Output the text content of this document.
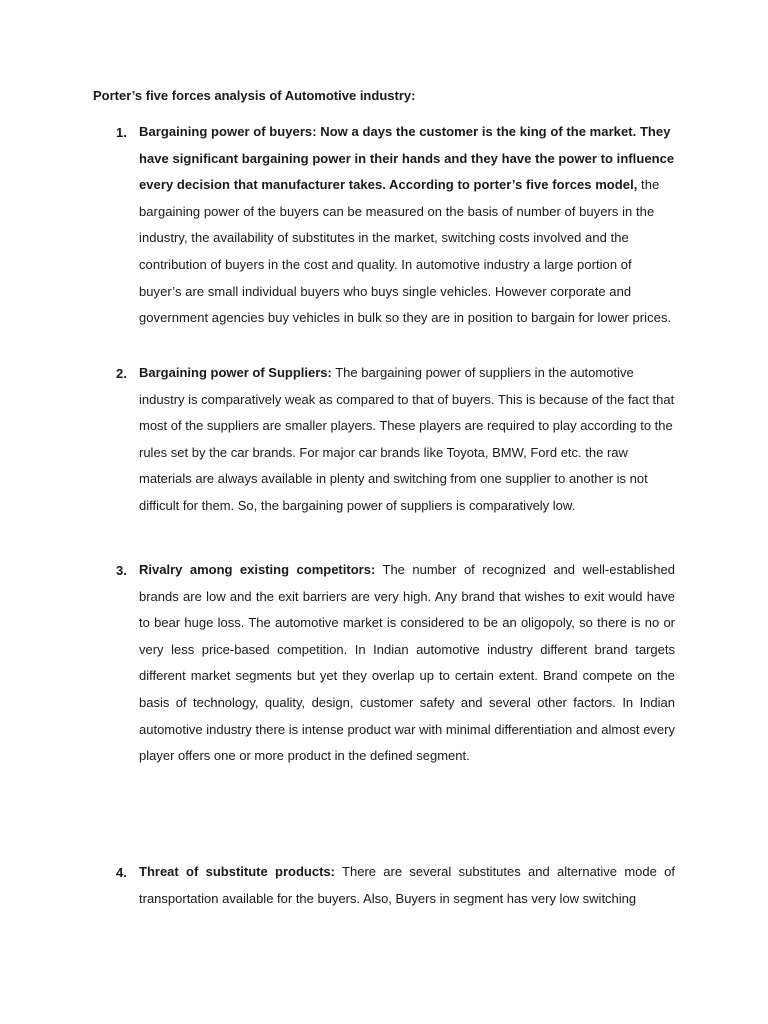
Porter’s five forces analysis of Automotive industry:
1. Bargaining power of buyers: Now a days the customer is the king of the market. They have significant bargaining power in their hands and they have the power to influence every decision that manufacturer takes. According to porter’s five forces model, the bargaining power of the buyers can be measured on the basis of number of buyers in the industry, the availability of substitutes in the market, switching costs involved and the contribution of buyers in the cost and quality. In automotive industry a large portion of buyer’s are small individual buyers who buys single vehicles. However corporate and government agencies buy vehicles in bulk so they are in position to bargain for lower prices.

2. Bargaining power of Suppliers: The bargaining power of suppliers in the automotive industry is comparatively weak as compared to that of buyers. This is because of the fact that most of the suppliers are smaller players. These players are required to play according to the rules set by the car brands. For major car brands like Toyota, BMW, Ford etc. the raw materials are always available in plenty and switching from one supplier to another is not difficult for them. So, the bargaining power of suppliers is comparatively low.

3. Rivalry among existing competitors: The number of recognized and well-established brands are low and the exit barriers are very high. Any brand that wishes to exit would have to bear huge loss. The automotive market is considered to be an oligopoly, so there is no or very less price-based competition. In Indian automotive industry different brand targets different market segments but yet they overlap up to certain extent. Brand compete on the basis of technology, quality, design, customer safety and several other factors. In Indian automotive industry there is intense product war with minimal differentiation and almost every player offers one or more product in the defined segment.

4. Threat of substitute products: There are several substitutes and alternative mode of transportation available for the buyers. Also, Buyers in segment has very low switching
